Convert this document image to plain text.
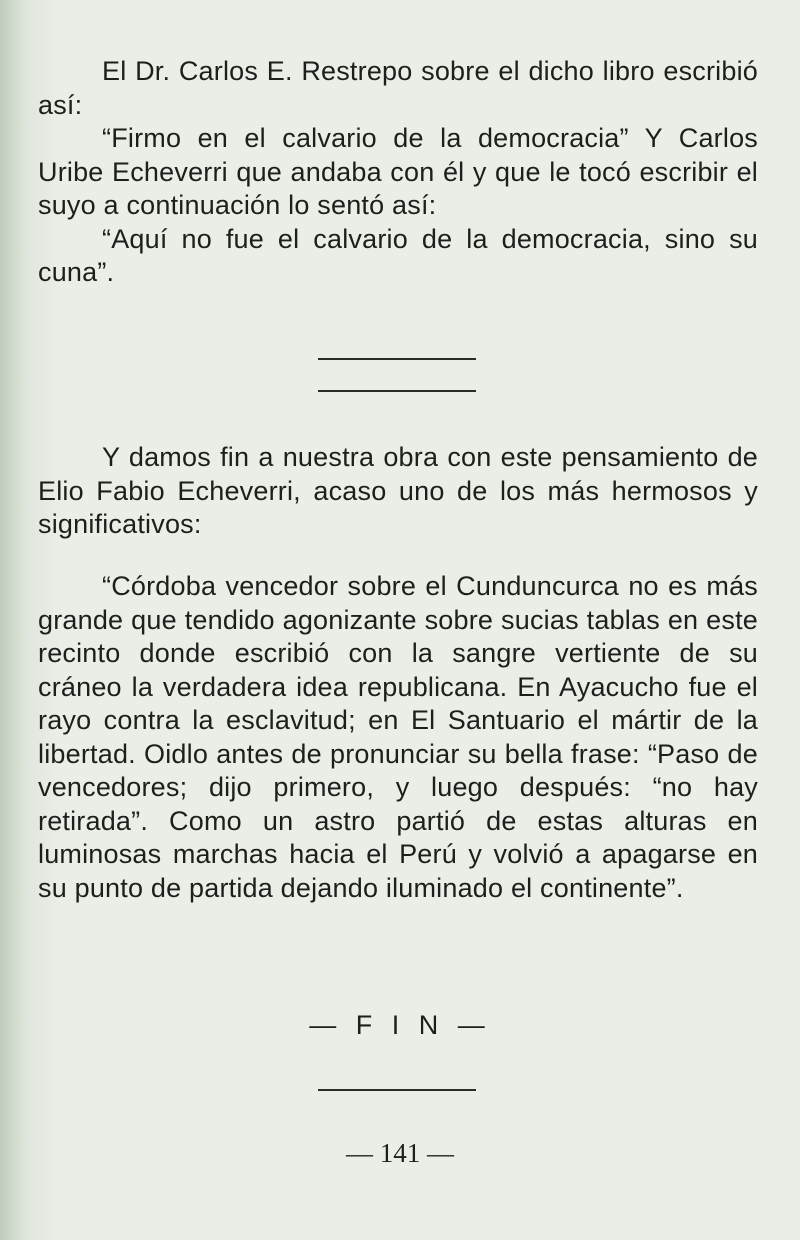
El Dr. Carlos E. Restrepo sobre el dicho libro escribió así:

“Firmo en el calvario de la democracia” Y Carlos Uribe Echeverri que andaba con él y que le tocó escribir el suyo a continuación lo sentó así:

“Aquí no fue el calvario de la democracia, sino su cuna”.

Y damos fin a nuestra obra con este pensamiento de Elio Fabio Echeverri, acaso uno de los más hermosos y significativos:

“Córdoba vencedor sobre el Cunduncurca no es más grande que tendido agonizante sobre sucias tablas en este recinto donde escribió con la sangre vertiente de su cráneo la verdadera idea republicana. En Ayacucho fue el rayo contra la esclavitud; en El Santuario el mártir de la libertad. Oidlo antes de pronunciar su bella frase: “Paso de vencedores; dijo primero, y luego después: “no hay retirada”. Como un astro partió de estas alturas en luminosas marchas hacia el Perú y volvió a apagarse en su punto de partida dejando iluminado el continente”.

— F I N —
— 141 —
